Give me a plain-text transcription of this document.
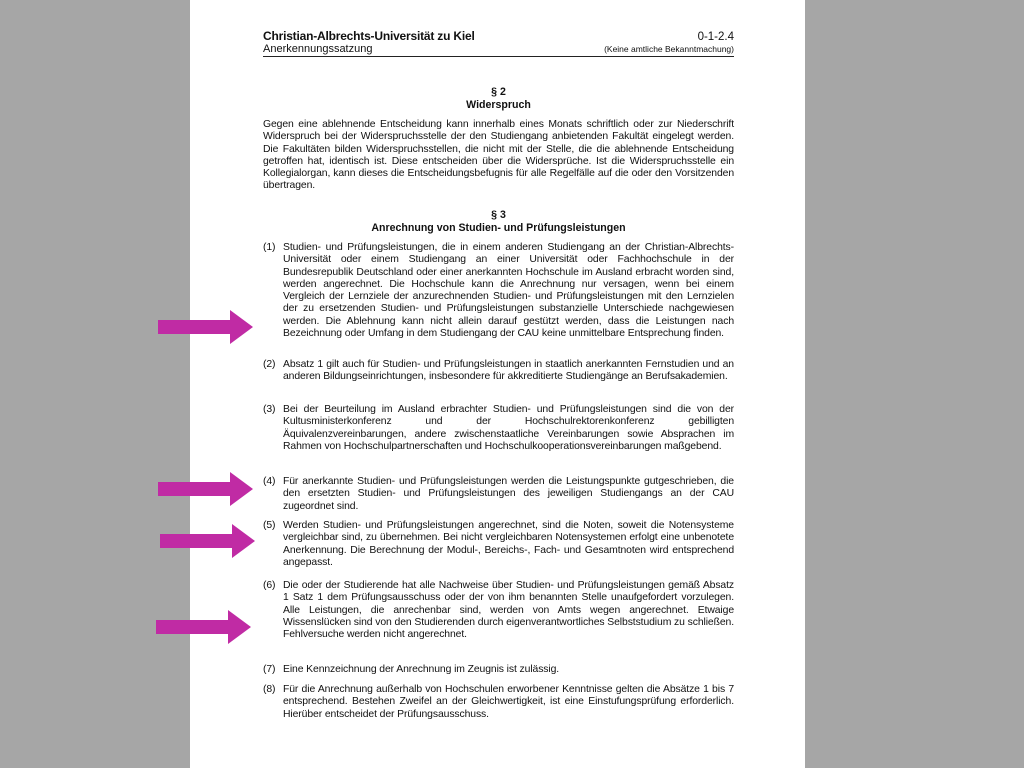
Christian-Albrechts-Universität zu Kiel	0-1-2.4
Anerkennungssatzung	(Keine amtliche Bekanntmachung)
§ 2
Widerspruch
Gegen eine ablehnende Entscheidung kann innerhalb eines Monats schriftlich oder zur Niederschrift Widerspruch bei der Widerspruchsstelle der den Studiengang anbietenden Fakultät eingelegt werden. Die Fakultäten bilden Widerspruchsstellen, die nicht mit der Stelle, die die ablehnende Entscheidung getroffen hat, identisch ist. Diese entscheiden über die Widersprüche. Ist die Widerspruchsstelle ein Kollegialorgan, kann dieses die Entscheidungsbefugnis für alle Regelfälle auf die oder den Vorsitzenden übertragen.
§ 3
Anrechnung von Studien- und Prüfungsleistungen
(1) Studien- und Prüfungsleistungen, die in einem anderen Studiengang an der Christian-Albrechts-Universität oder einem Studiengang an einer Universität oder Fachhochschule in der Bundesrepublik Deutschland oder einer anerkannten Hochschule im Ausland erbracht worden sind, werden angerechnet. Die Hochschule kann die Anrechnung nur versagen, wenn bei einem Vergleich der Lernziele der anzurechnenden Studien- und Prüfungsleistungen mit den Lernzielen der zu ersetzenden Studien- und Prüfungsleistungen substanzielle Unterschiede nachgewiesen werden. Die Ablehnung kann nicht allein darauf gestützt werden, dass die Leistungen nach Bezeichnung oder Umfang in dem Studiengang der CAU keine unmittelbare Entsprechung finden.
(2) Absatz 1 gilt auch für Studien- und Prüfungsleistungen in staatlich anerkannten Fernstudien und an anderen Bildungseinrichtungen, insbesondere für akkreditierte Studiengänge an Berufsakademien.
(3) Bei der Beurteilung im Ausland erbrachter Studien- und Prüfungsleistungen sind die von der Kultusministerkonferenz und der Hochschulrektorenkonferenz gebilligten Äquivalenzvereinbarungen, andere zwischenstaatliche Vereinbarungen sowie Absprachen im Rahmen von Hochschulpartnerschaften und Hochschulkooperationsvereinbarungen maßgebend.
(4) Für anerkannte Studien- und Prüfungsleistungen werden die Leistungspunkte gutgeschrieben, die den ersetzten Studien- und Prüfungsleistungen des jeweiligen Studiengangs an der CAU zugeordnet sind.
(5) Werden Studien- und Prüfungsleistungen angerechnet, sind die Noten, soweit die Notensysteme vergleichbar sind, zu übernehmen. Bei nicht vergleichbaren Notensystemen erfolgt eine unbenotete Anerkennung. Die Berechnung der Modul-, Bereichs-, Fach- und Gesamtnoten wird entsprechend angepasst.
(6) Die oder der Studierende hat alle Nachweise über Studien- und Prüfungsleistungen gemäß Absatz 1 Satz 1 dem Prüfungsausschuss oder der von ihm benannten Stelle unaufgefordert vorzulegen. Alle Leistungen, die anrechenbar sind, werden von Amts wegen angerechnet. Etwaige Wissenslücken sind von den Studierenden durch eigenverantwortliches Selbststudium zu schließen. Fehlversuche werden nicht angerechnet.
(7) Eine Kennzeichnung der Anrechnung im Zeugnis ist zulässig.
(8) Für die Anrechnung außerhalb von Hochschulen erworbener Kenntnisse gelten die Absätze 1 bis 7 entsprechend. Bestehen Zweifel an der Gleichwertigkeit, ist eine Einstufungsprüfung erforderlich. Hierüber entscheidet der Prüfungsausschuss.
